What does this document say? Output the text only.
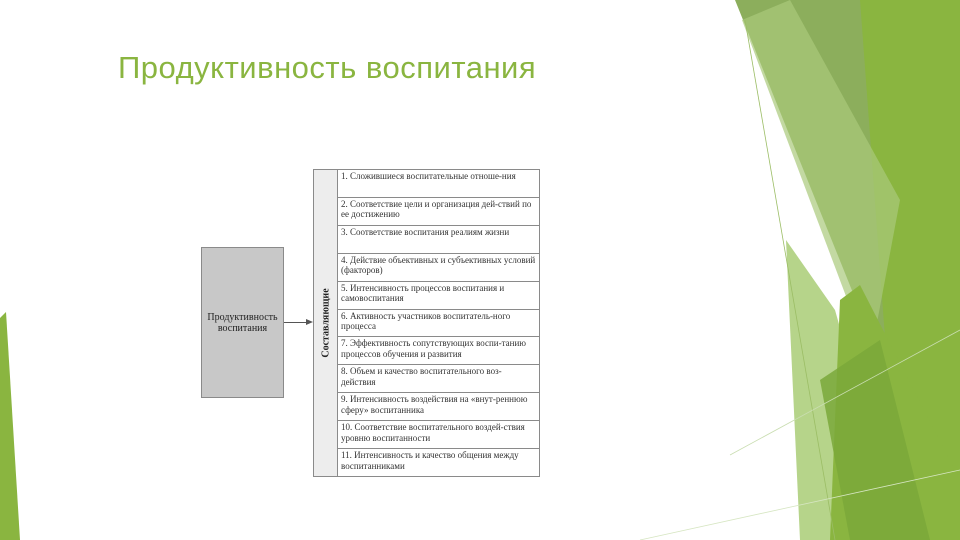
Продуктивность воспитания
Продуктивность воспитания	Составляющие
1. Сложившиеся воспитательные отноше-ния
2. Соответствие цели и организация дей-ствий по ее достижению
3. Соответствие воспитания реалиям жизни
4. Действие объективных и субъективных условий (факторов)
5. Интенсивность процессов воспитания и самовоспитания
6. Активность участников воспитатель-ного процесса
7. Эффективность сопутствующих воспи-танию процессов обучения и развития
8. Объем и качество воспитательного воз-действия
9. Интенсивность воздействия на «внут-реннюю сферу» воспитанника
10. Соответствие воспитательного воздей-ствия уровню воспитанности
11. Интенсивность и качество общения между воспитанниками
